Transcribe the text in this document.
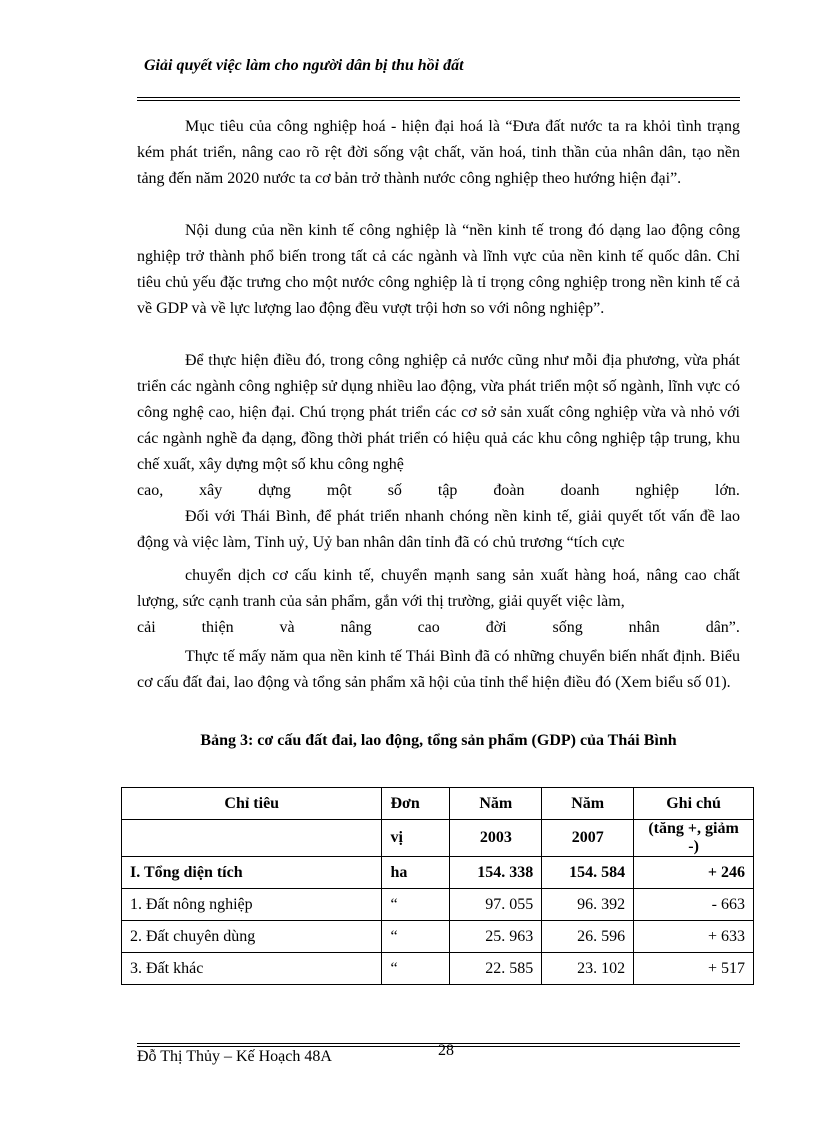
Giải quyết việc làm cho người dân bị thu hồi đất

Mục tiêu của công nghiệp hoá - hiện đại hoá là “Đưa đất nước ta ra khỏi tình trạng kém phát triển, nâng cao rõ rệt đời sống vật chất, văn hoá, tinh thần của nhân dân, tạo nền tảng đến năm 2020 nước ta cơ bản trở thành nước công nghiệp theo hướng hiện đại”.

Nội dung của nền kinh tế công nghiệp là “nền kinh tế trong đó dạng lao động công nghiệp trở thành phổ biến trong tất cả các ngành và lĩnh vực của nền kinh tế quốc dân. Chỉ tiêu chủ yếu đặc trưng cho một nước công nghiệp là tỉ trọng công nghiệp trong nền kinh tế cả về GDP và về lực lượng lao động đều vượt trội hơn so với nông nghiệp”.

Để thực hiện điều đó, trong công nghiệp cả nước cũng như mỗi địa phương, vừa phát triển các ngành công nghiệp sử dụng nhiều lao động, vừa phát triển một số ngành, lĩnh vực có công nghệ cao, hiện đại. Chú trọng phát triển các cơ sở sản xuất công nghiệp vừa và nhỏ với các ngành nghề đa dạng, đồng thời phát triển có hiệu quả các khu công nghiệp tập trung, khu chế xuất, xây dựng một số khu công nghệ
cao, xây dựng một số tập đoàn doanh nghiệp lớn.

Đối với Thái Bình, để phát triển nhanh chóng nền kinh tế, giải quyết tốt vấn đề lao động và việc làm, Tỉnh uỷ, Uỷ ban nhân dân tỉnh đã có chủ trương “tích cực

chuyển dịch cơ cấu kinh tế, chuyển mạnh sang sản xuất hàng hoá, nâng cao chất lượng, sức cạnh tranh của sản phẩm, gắn với thị trường, giải quyết việc làm,
cải	thiện	và	nâng	cao	đời	sống	nhân	dân”.

Thực tế mấy năm qua nền kinh tế Thái Bình đã có những chuyển biến nhất định. Biểu cơ cấu đất đai, lao động và tổng sản phẩm xã hội của tỉnh thể hiện điều đó (Xem biểu số 01).

Bảng 3: cơ cấu đất đai, lao động, tổng sản phẩm (GDP) của Thái Bình
Chỉ tiêu	Đơn	Năm	Năm	Ghi chú
	vị	2003	2007	(tăng +, giảm -)
I. Tổng diện tích	ha	154. 338	154. 584	+ 246
1. Đất nông nghiệp	“	97. 055	96. 392	- 663
2. Đất chuyên dùng	“	25. 963	26. 596	+ 633
3. Đất khác	“	22. 585	23. 102	+ 517
Đỗ Thị Thủy – Kế Hoạch 48A	28
